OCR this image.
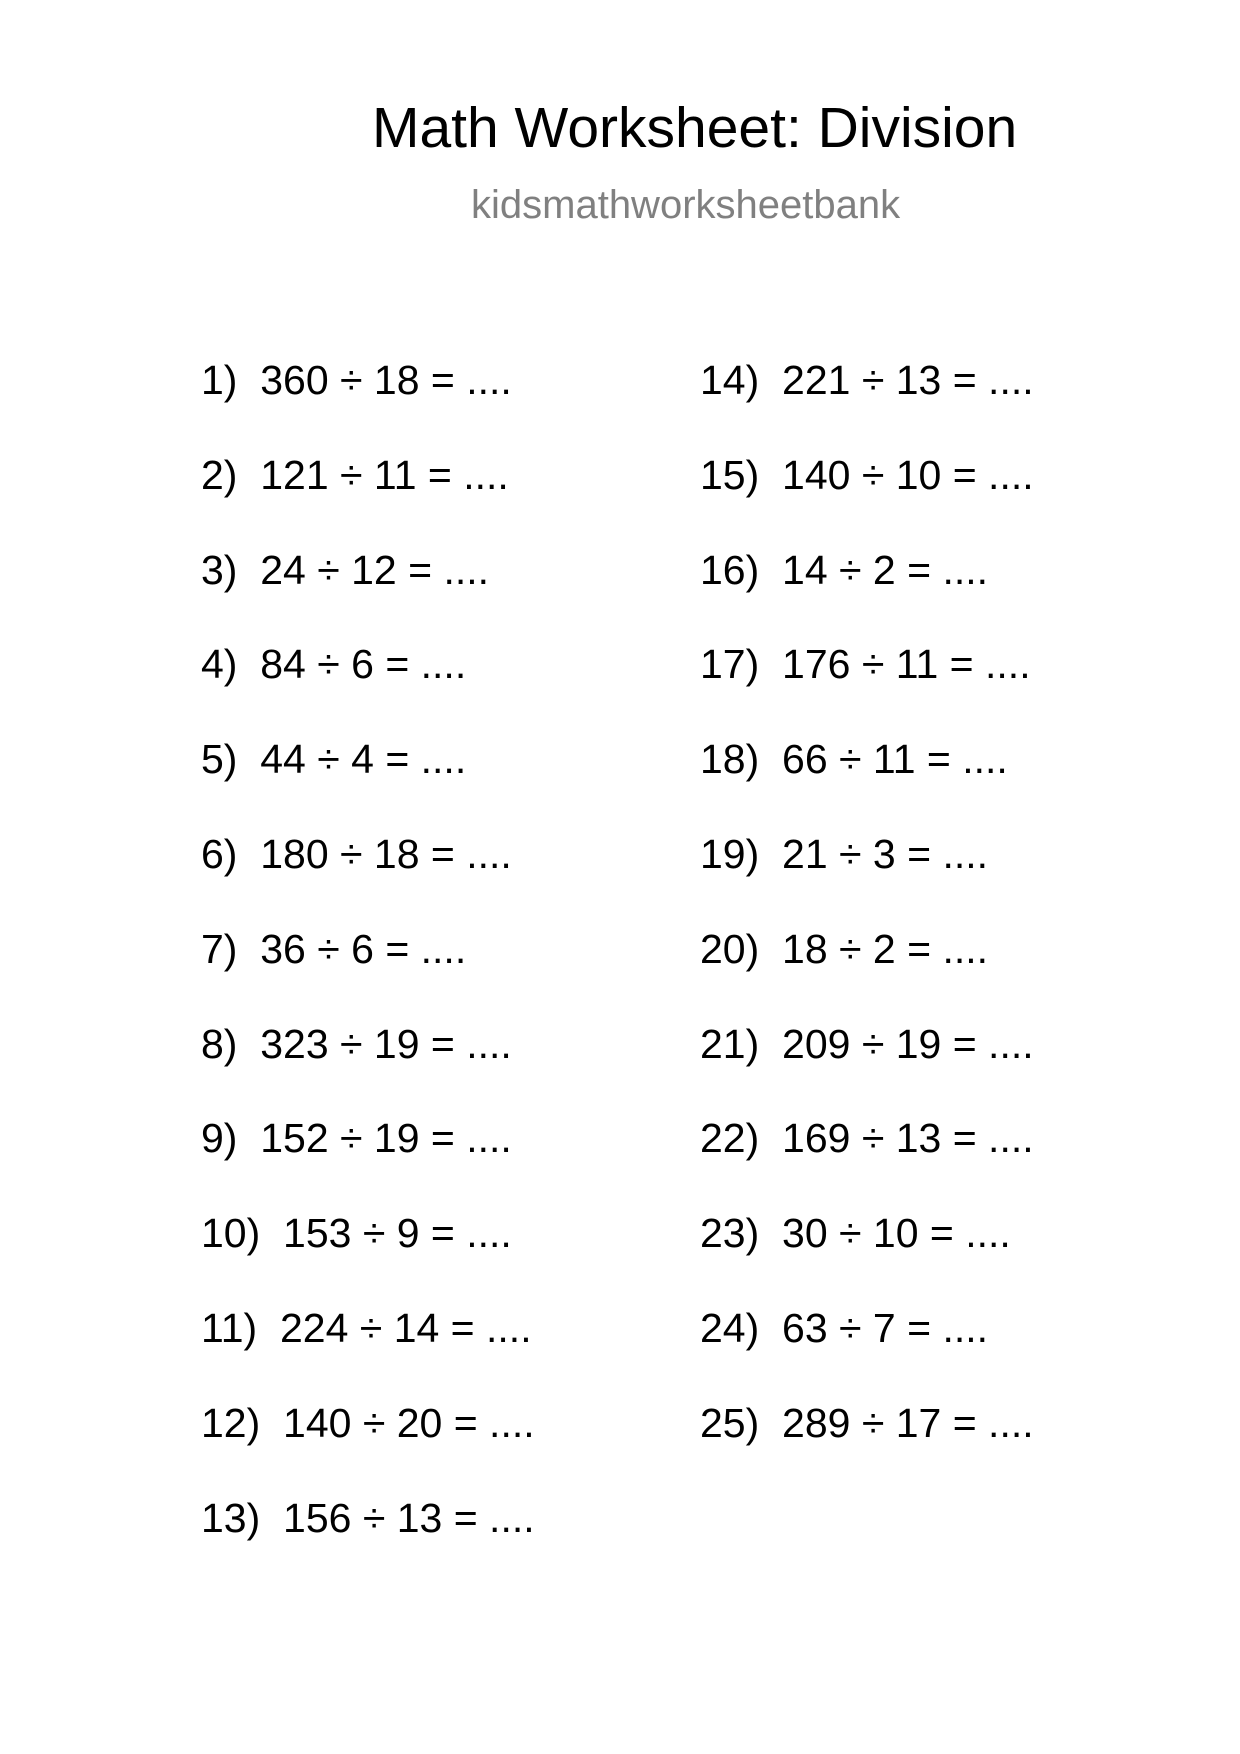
Math Worksheet: Division
kidsmathworksheetbank
1)  360 ÷ 18 = ....
2)  121 ÷ 11 = ....
3)  24 ÷ 12 = ....
4)  84 ÷ 6 = ....
5)  44 ÷ 4 = ....
6)  180 ÷ 18 = ....
7)  36 ÷ 6 = ....
8)  323 ÷ 19 = ....
9)  152 ÷ 19 = ....
10)  153 ÷ 9 = ....
11)  224 ÷ 14 = ....
12)  140 ÷ 20 = ....
13)  156 ÷ 13 = ....
14)  221 ÷ 13 = ....
15)  140 ÷ 10 = ....
16)  14 ÷ 2 = ....
17)  176 ÷ 11 = ....
18)  66 ÷ 11 = ....
19)  21 ÷ 3 = ....
20)  18 ÷ 2 = ....
21)  209 ÷ 19 = ....
22)  169 ÷ 13 = ....
23)  30 ÷ 10 = ....
24)  63 ÷ 7 = ....
25)  289 ÷ 17 = ....
